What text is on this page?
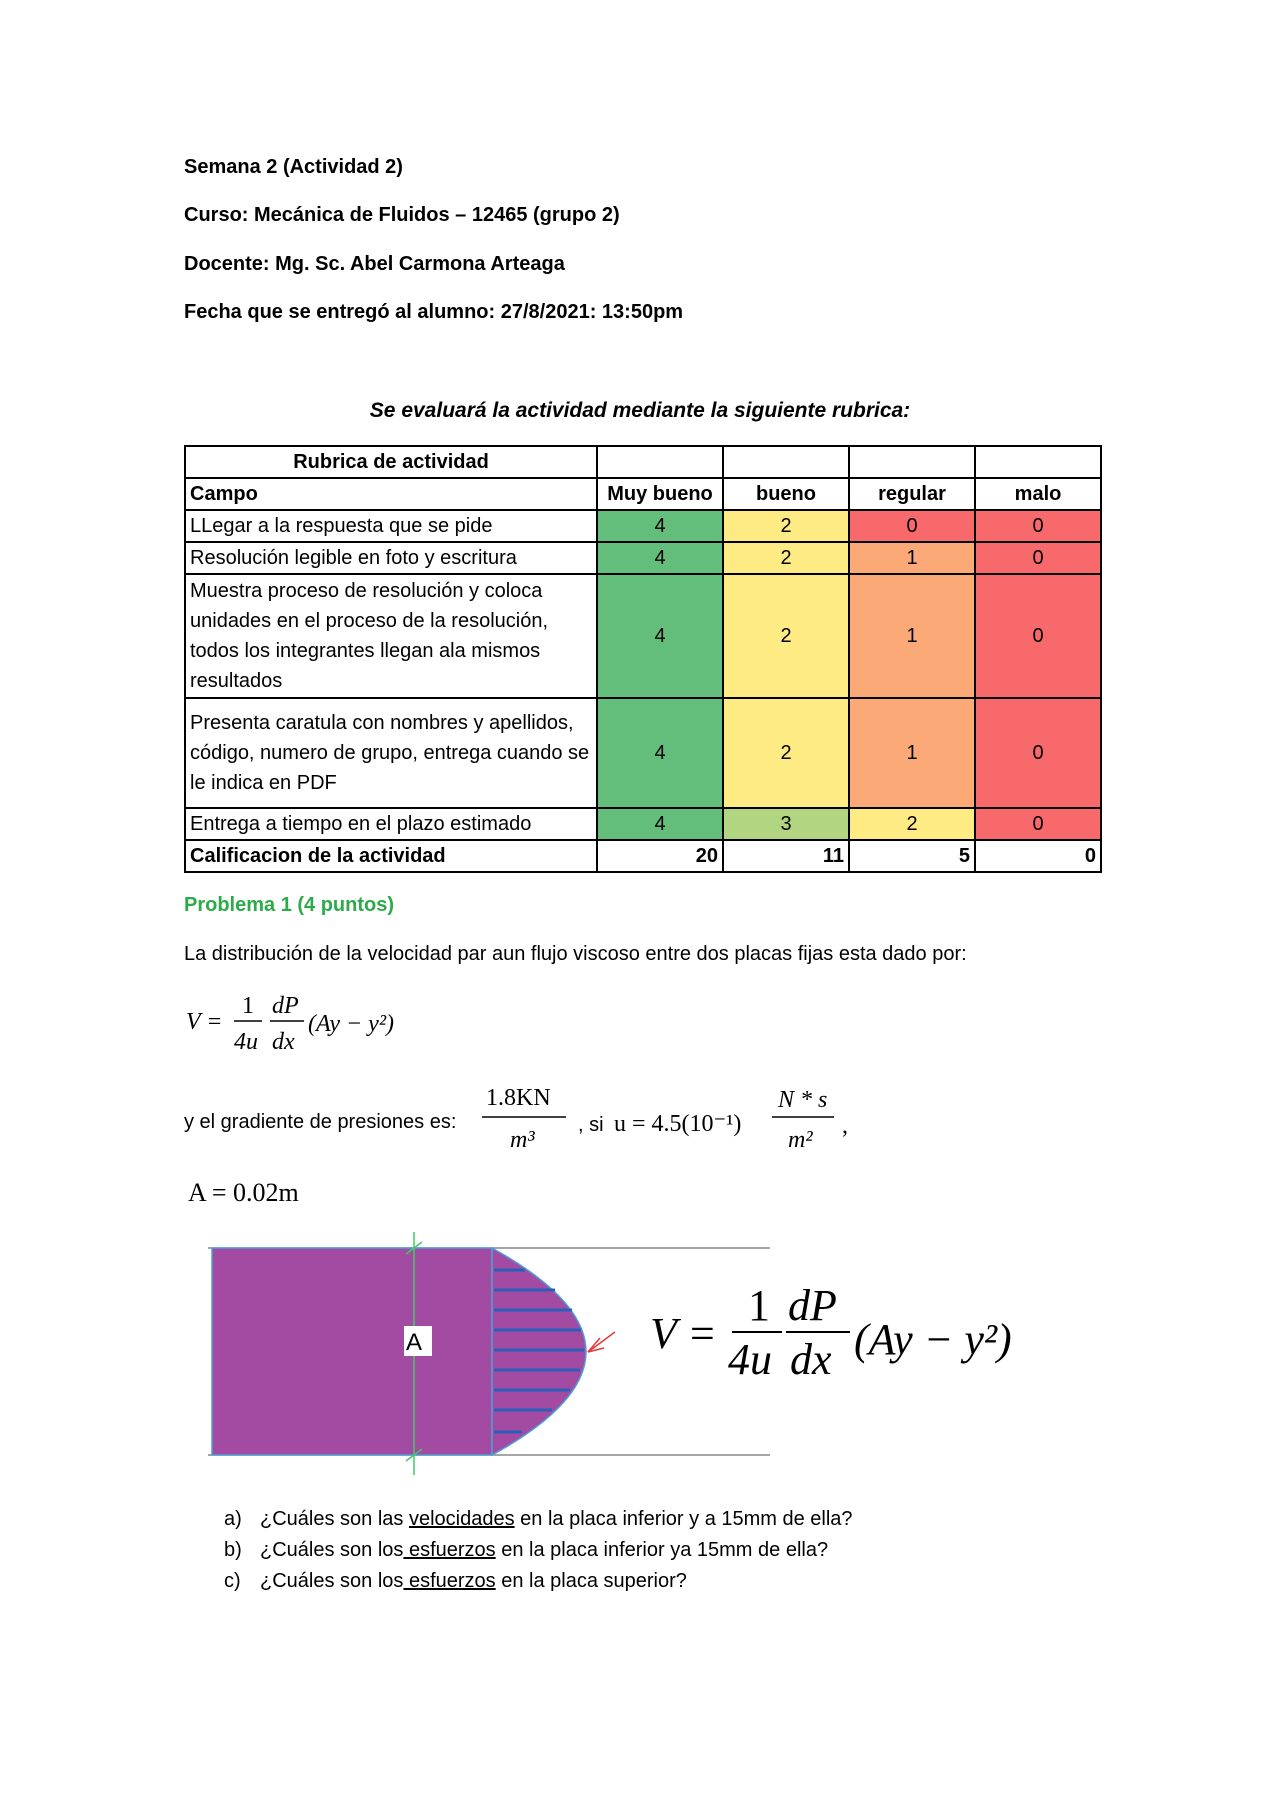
Semana 2 (Actividad 2)
Curso: Mecánica de Fluidos – 12465 (grupo 2)
Docente: Mg. Sc. Abel Carmona Arteaga
Fecha que se entregó al alumno: 27/8/2021: 13:50pm
Se evaluará la actividad mediante la siguiente rubrica:
Rubrica de actividad				
Campo	Muy bueno	bueno	regular	malo
LLegar a la respuesta que se pide	4	2	0	0
Resolución legible en foto y escritura	4	2	1	0
Muestra proceso de resolución y coloca unidades en el proceso de la resolución, todos los integrantes llegan ala mismos resultados	4	2	1	0
Presenta caratula con nombres y apellidos, código, numero de grupo, entrega cuando se le indica en PDF	4	2	1	0
Entrega a tiempo en el plazo estimado	4	3	2	0
Calificacion de la actividad	20	11	5	0
Problema 1 (4 puntos)
La distribución de la velocidad par aun flujo viscoso entre dos placas fijas esta dado por:
V =
1
4u
dP
dx
(Ay − y²)
y el gradiente de presiones es:
1.8KN
m³
, si u = 4.5(10⁻¹)
N * s
m²
,
A = 0.02m
A	V =
1
4u
dP
dx (Ay − y²)
a) ¿Cuáles son las velocidades en la placa inferior y a 15mm de ella?
b) ¿Cuáles son los esfuerzos en la placa inferior ya 15mm de ella?
c) ¿Cuáles son los esfuerzos en la placa superior?
